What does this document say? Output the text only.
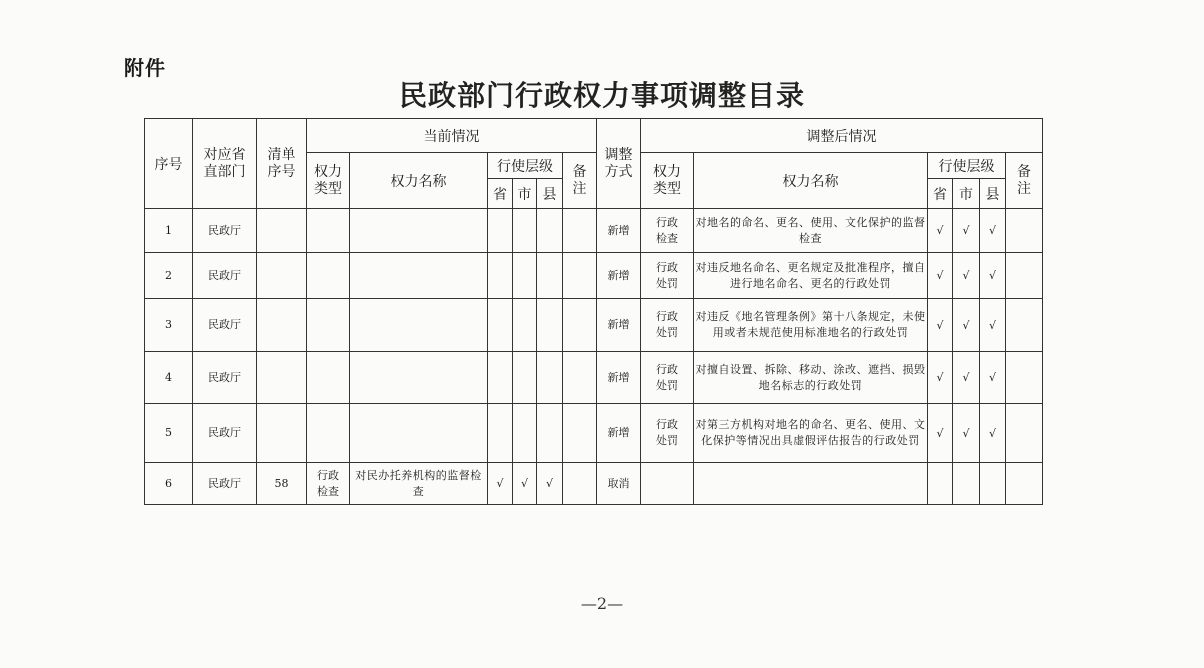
附件
民政部门行政权力事项调整目录
序号	对应省直部门	清单序号	当前情况						调整方式	调整后情况					
			权力类型	权力名称	行使层级			备注		权力类型	权力名称	行使层级			备注
					省	市	县					省	市	县	
1	民政厅								新增	行政检查	对地名的命名、更名、使用、文化保护的监督检查	√	√	√	
2	民政厅								新增	行政处罚	对违反地名命名、更名规定及批准程序，擅自进行地名命名、更名的行政处罚	√	√	√	
3	民政厅								新增	行政处罚	对违反《地名管理条例》第十八条规定，未使用或者未规范使用标准地名的行政处罚	√	√	√	
4	民政厅								新增	行政处罚	对擅自设置、拆除、移动、涂改、遮挡、损毁地名标志的行政处罚	√	√	√	
5	民政厅								新增	行政处罚	对第三方机构对地名的命名、更名、使用、文化保护等情况出具虚假评估报告的行政处罚	√	√	√	
6	民政厅	58	行政检查	对民办托养机构的监督检查	√	√	√		取消						
—2—
